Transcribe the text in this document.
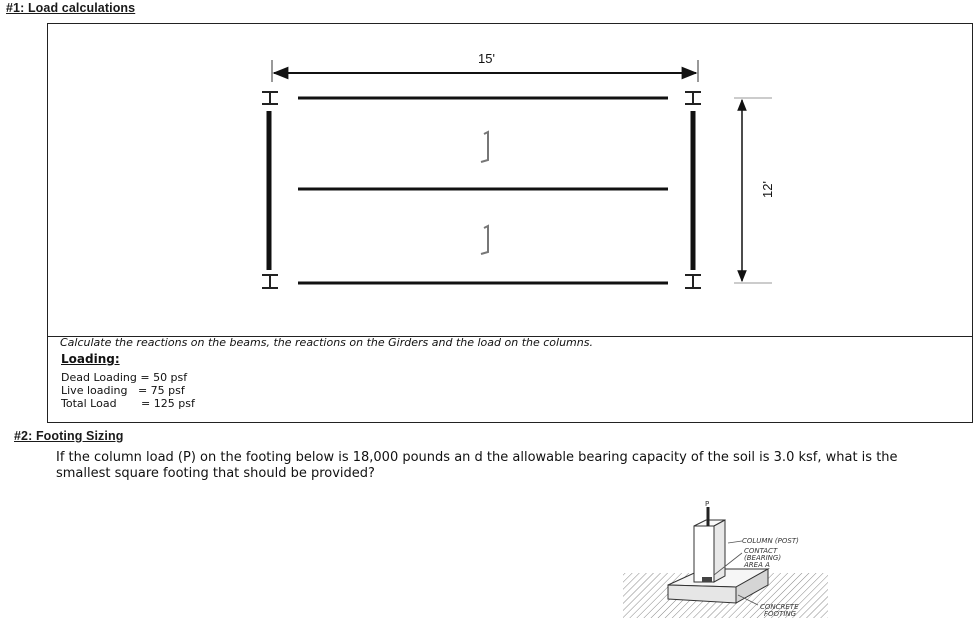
#1: Load calculations
15'
12'
Calculate the reactions on the beams, the reactions on the Girders and the load on the columns.
Loading:
Dead Loading = 50 psf
Live loading   = 75 psf
Total Load       = 125 psf
#2: Footing Sizing
If the column load (P) on the footing below is 18,000 pounds an d the allowable bearing capacity of the soil is 3.0 ksf, what is the smallest square footing that should be provided?
P
COLUMN (POST)
CONTACT
(BEARING)
AREA A
CONCRETE
FOOTING
